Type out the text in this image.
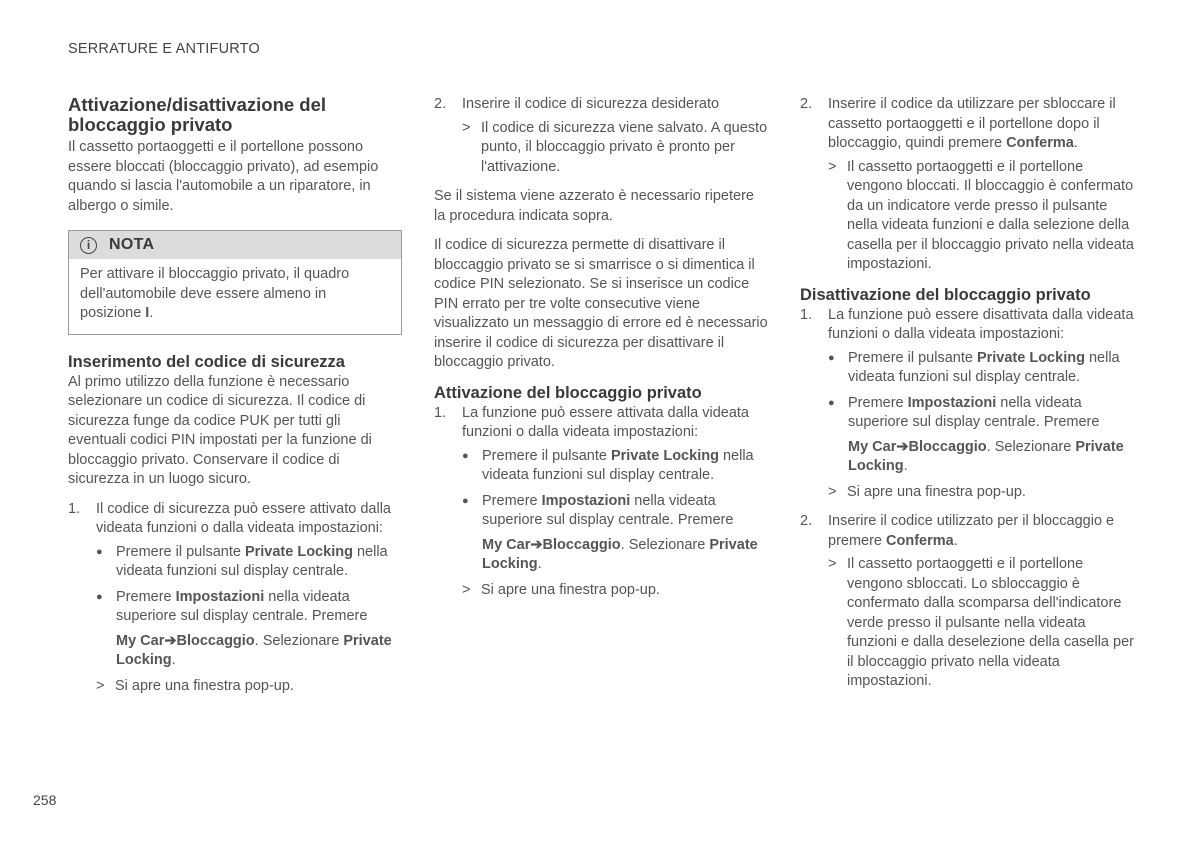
SERRATURE E ANTIFURTO
Attivazione/disattivazione del bloccaggio privato

Il cassetto portaoggetti e il portellone possono essere bloccati (bloccaggio privato), ad esempio quando si lascia l'automobile a un riparatore, in albergo o simile.

i	NOTA
Per attivare il bloccaggio privato, il quadro dell'automobile deve essere almeno in posizione I.
Inserimento del codice di sicurezza

Al primo utilizzo della funzione è necessario selezionare un codice di sicurezza. Il codice di sicurezza funge da codice PUK per tutti gli eventuali codici PIN impostati per la funzione di bloccaggio privato. Conservare il codice di sicurezza in un luogo sicuro.

1.	Il codice di sicurezza può essere attivato dalla videata funzioni o dalla videata impostazioni:
● Premere il pulsante Private Locking nella videata funzioni sul display centrale.
● Premere Impostazioni nella videata superiore sul display centrale. Premere
My Car➔Bloccaggio. Selezionare Private Locking.
> Si apre una finestra pop-up.
2.	Inserire il codice di sicurezza desiderato
> Il codice di sicurezza viene salvato. A questo punto, il bloccaggio privato è pronto per l'attivazione.

Se il sistema viene azzerato è necessario ripetere la procedura indicata sopra.

Il codice di sicurezza permette di disattivare il bloccaggio privato se si smarrisce o si dimentica il codice PIN selezionato. Se si inserisce un codice PIN errato per tre volte consecutive viene visualizzato un messaggio di errore ed è necessario inserire il codice di sicurezza per disattivare il bloccaggio privato.

Attivazione del bloccaggio privato
1.	La funzione può essere attivata dalla videata funzioni o dalla videata impostazioni:
● Premere il pulsante Private Locking nella videata funzioni sul display centrale.
● Premere Impostazioni nella videata superiore sul display centrale. Premere
My Car➔Bloccaggio. Selezionare Private Locking.
> Si apre una finestra pop-up.
2.	Inserire il codice da utilizzare per sbloccare il cassetto portaoggetti e il portellone dopo il bloccaggio, quindi premere Conferma.
> Il cassetto portaoggetti e il portellone vengono bloccati. Il bloccaggio è confermato da un indicatore verde presso il pulsante nella videata funzioni e dalla selezione della casella per il bloccaggio privato nella videata impostazioni.
Disattivazione del bloccaggio privato
1.	La funzione può essere disattivata dalla videata funzioni o dalla videata impostazioni:
● Premere il pulsante Private Locking nella videata funzioni sul display centrale.
● Premere Impostazioni nella videata superiore sul display centrale. Premere
My Car➔Bloccaggio. Selezionare Private Locking.
> Si apre una finestra pop-up.
2.	Inserire il codice utilizzato per il bloccaggio e premere Conferma.
> Il cassetto portaoggetti e il portellone vengono sbloccati. Lo sbloccaggio è confermato dalla scomparsa dell'indicatore verde presso il pulsante nella videata funzioni e dalla deselezione della casella per il bloccaggio privato nella videata impostazioni.
258
